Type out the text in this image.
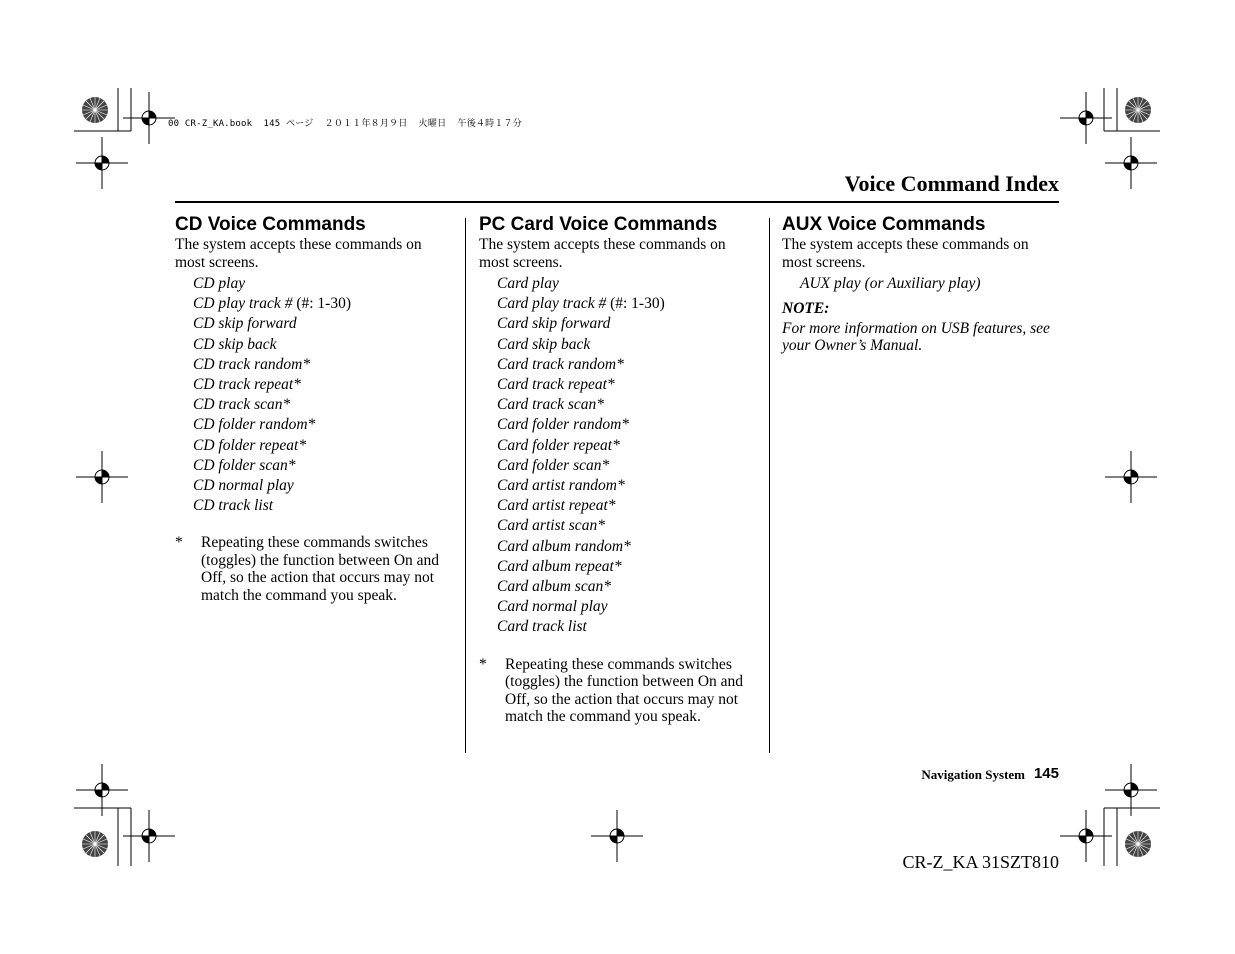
00 CR-Z_KA.book  145 ページ  ２０１１年８月９日  火曜日  午後４時１７分
Voice Command Index
CD Voice Commands

The system accepts these commands on most screens.

CD play
CD play track # (#: 1-30)
CD skip forward
CD skip back
CD track random*
CD track repeat*
CD track scan*
CD folder random*
CD folder repeat*
CD folder scan*
CD normal play
CD track list
* Repeating these commands switches (toggles) the function between On and Off, so the action that occurs may not match the command you speak.
PC Card Voice Commands

The system accepts these commands on most screens.

Card play
Card play track # (#: 1-30)
Card skip forward
Card skip back
Card track random*
Card track repeat*
Card track scan*
Card folder random*
Card folder repeat*
Card folder scan*
Card artist random*
Card artist repeat*
Card artist scan*
Card album random*
Card album repeat*
Card album scan*
Card normal play
Card track list
* Repeating these commands switches (toggles) the function between On and Off, so the action that occurs may not match the command you speak.
AUX Voice Commands

The system accepts these commands on most screens.

AUX play (or Auxiliary play)
NOTE:
For more information on USB features, see your Owner’s Manual.
Navigation System 145
CR-Z_KA 31SZT810
